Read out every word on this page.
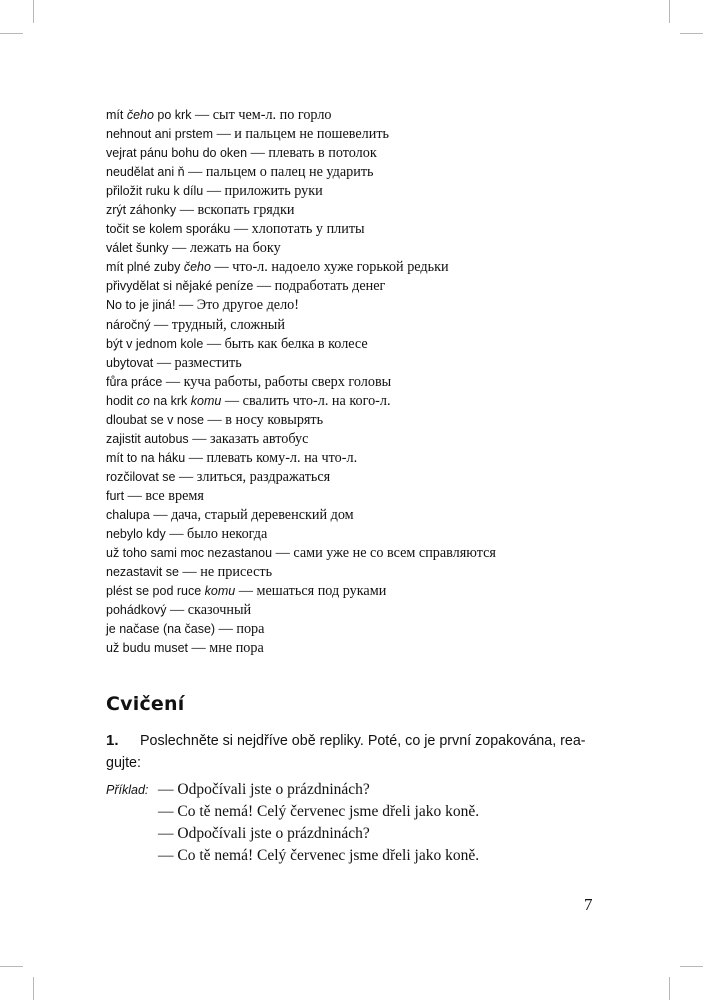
mít čeho po krk — сыт чем-л. по горло
nehnout ani prstem — и пальцем не пошевелить
vejrat pánu bohu do oken — плевать в потолок
neudělat ani ň — пальцем о палец не ударить
přiložit ruku k dílu — приложить руки
zrýt záhonky — вскопать грядки
točit se kolem sporáku — хлопотать у плиты
válet šunky — лежать на боку
mít plné zuby čeho — что-л. надоело хуже горькой редьки
přivydělat si nějaké peníze — подработать денег
No to je jiná! — Это другое дело!
náročný — трудный, сложный
být v jednom kole — быть как белка в колесе
ubytovat — разместить
fůra práce — куча работы, работы сверх головы
hodit co na krk komu — свалить что-л. на кого-л.
dloubat se v nose — в носу ковырять
zajistit autobus — заказать автобус
mít to na háku — плевать кому-л. на что-л.
rozčilovat se — злиться, раздражаться
furt — все время
chalupa — дача, старый деревенский дом
nebylo kdy — было некогда
už toho sami moc nezastanou — сами уже не со всем справляются
nezastavit se — не присесть
plést se pod ruce komu — мешаться под руками
pohádkový — сказочный
je načase (na čase) — пора
už budu muset — мне пора
Cvičení
1. Poslechněte si nejdříve obě repliky. Poté, co je první zopakována, rea-
gujte:
Příklad: — Odpočívali jste o prázdninách?
— Co tě nemá! Celý červenec jsme dřeli jako koně.
— Odpočívali jste o prázdninách?
— Co tě nemá! Celý červenec jsme dřeli jako koně.
7
